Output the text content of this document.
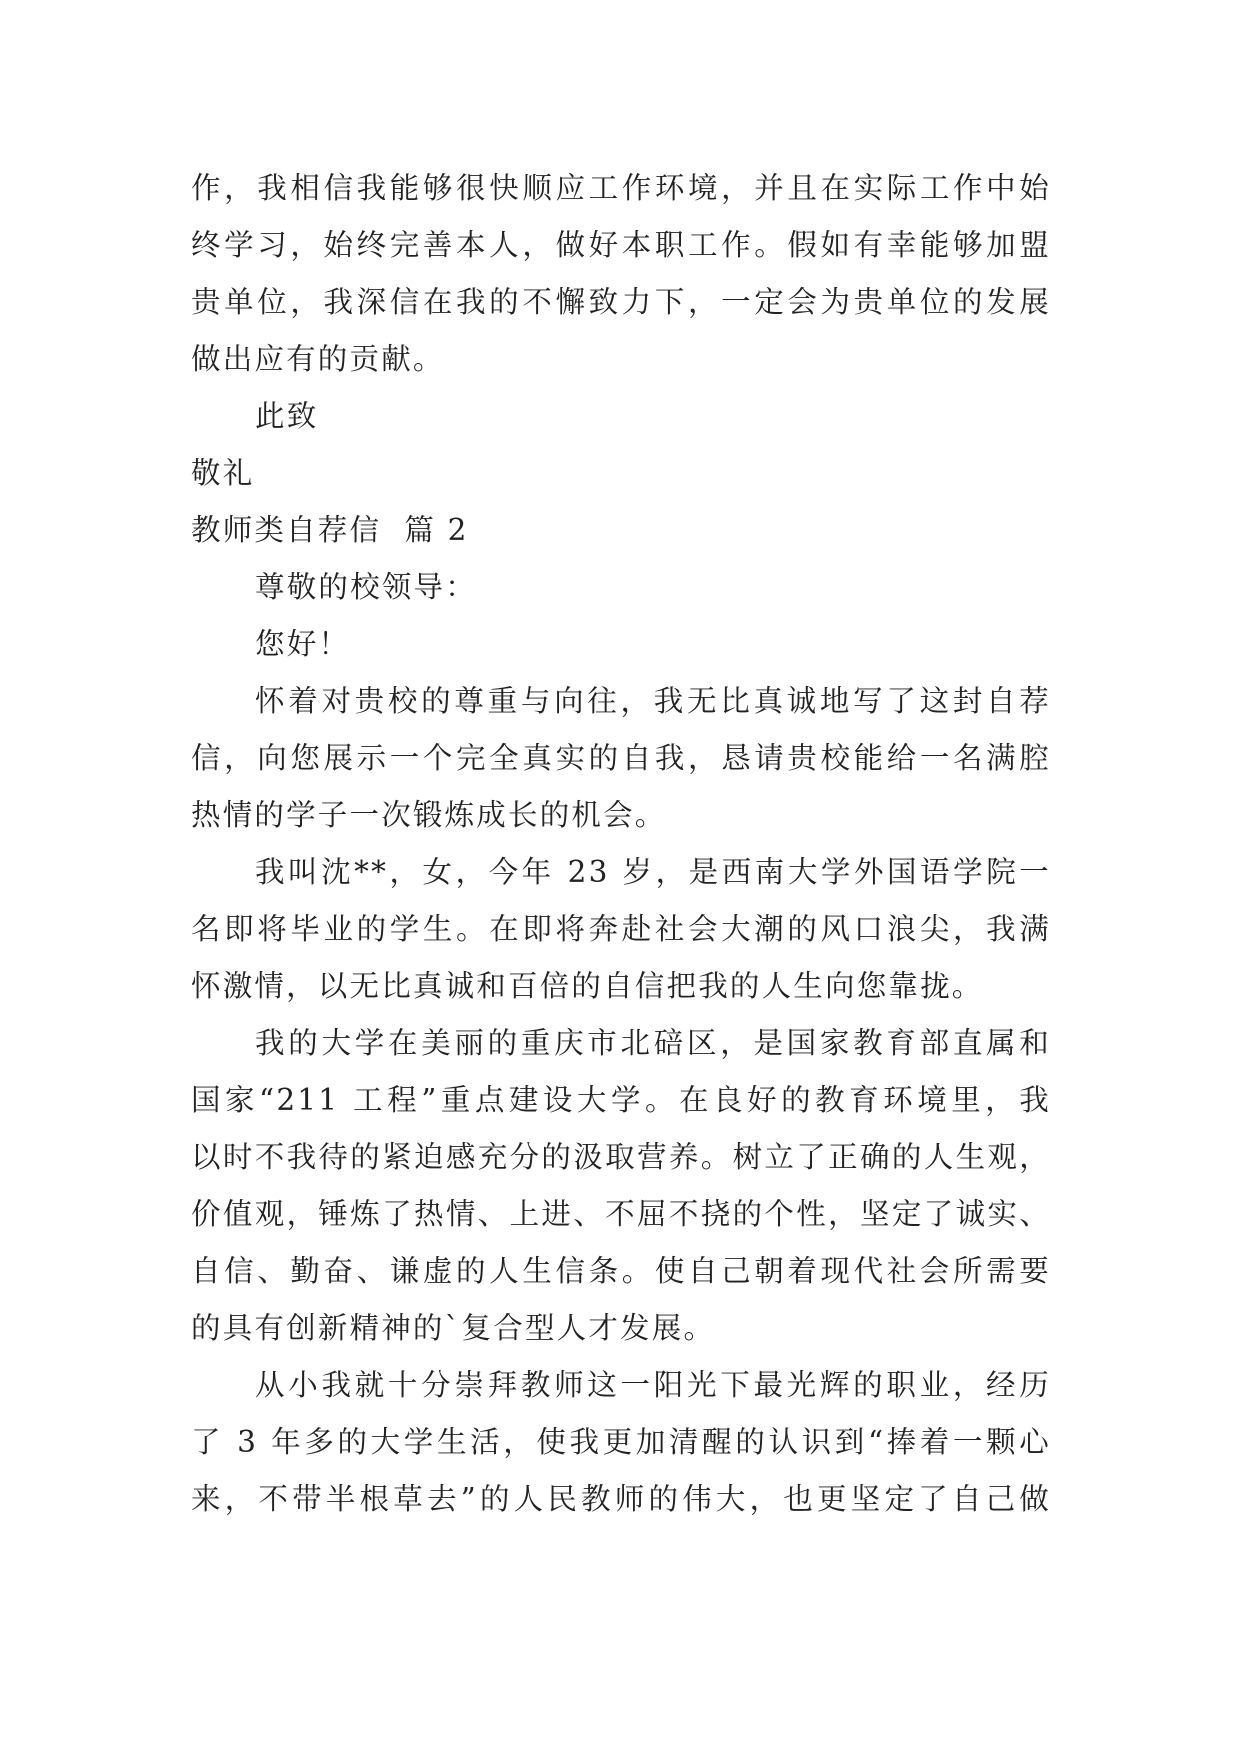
作，我相信我能够很快顺应工作环境，并且在实际工作中始
终学习，始终完善本人，做好本职工作。假如有幸能够加盟
贵单位，我深信在我的不懈致力下，一定会为贵单位的发展
做出应有的贡献。
此致
敬礼
教师类自荐信  篇 2
尊敬的校领导：
您好！
怀着对贵校的尊重与向往，我无比真诚地写了这封自荐
信，向您展示一个完全真实的自我，恳请贵校能给一名满腔
热情的学子一次锻炼成长的机会。
我叫沈**，女，今年 23 岁，是西南大学外国语学院一
名即将毕业的学生。在即将奔赴社会大潮的风口浪尖，我满
怀激情，以无比真诚和百倍的自信把我的人生向您靠拢。
我的大学在美丽的重庆市北碚区，是国家教育部直属和
国家“211 工程”重点建设大学。在良好的教育环境里，我
以时不我待的紧迫感充分的汲取营养。树立了正确的人生观，
价值观，锤炼了热情、上进、不屈不挠的个性，坚定了诚实、
自信、勤奋、谦虚的人生信条。使自己朝着现代社会所需要
的具有创新精神的`复合型人才发展。
从小我就十分崇拜教师这一阳光下最光辉的职业，经历
了 3 年多的大学生活，使我更加清醒的认识到“捧着一颗心
来，不带半根草去”的人民教师的伟大，也更坚定了自己做
